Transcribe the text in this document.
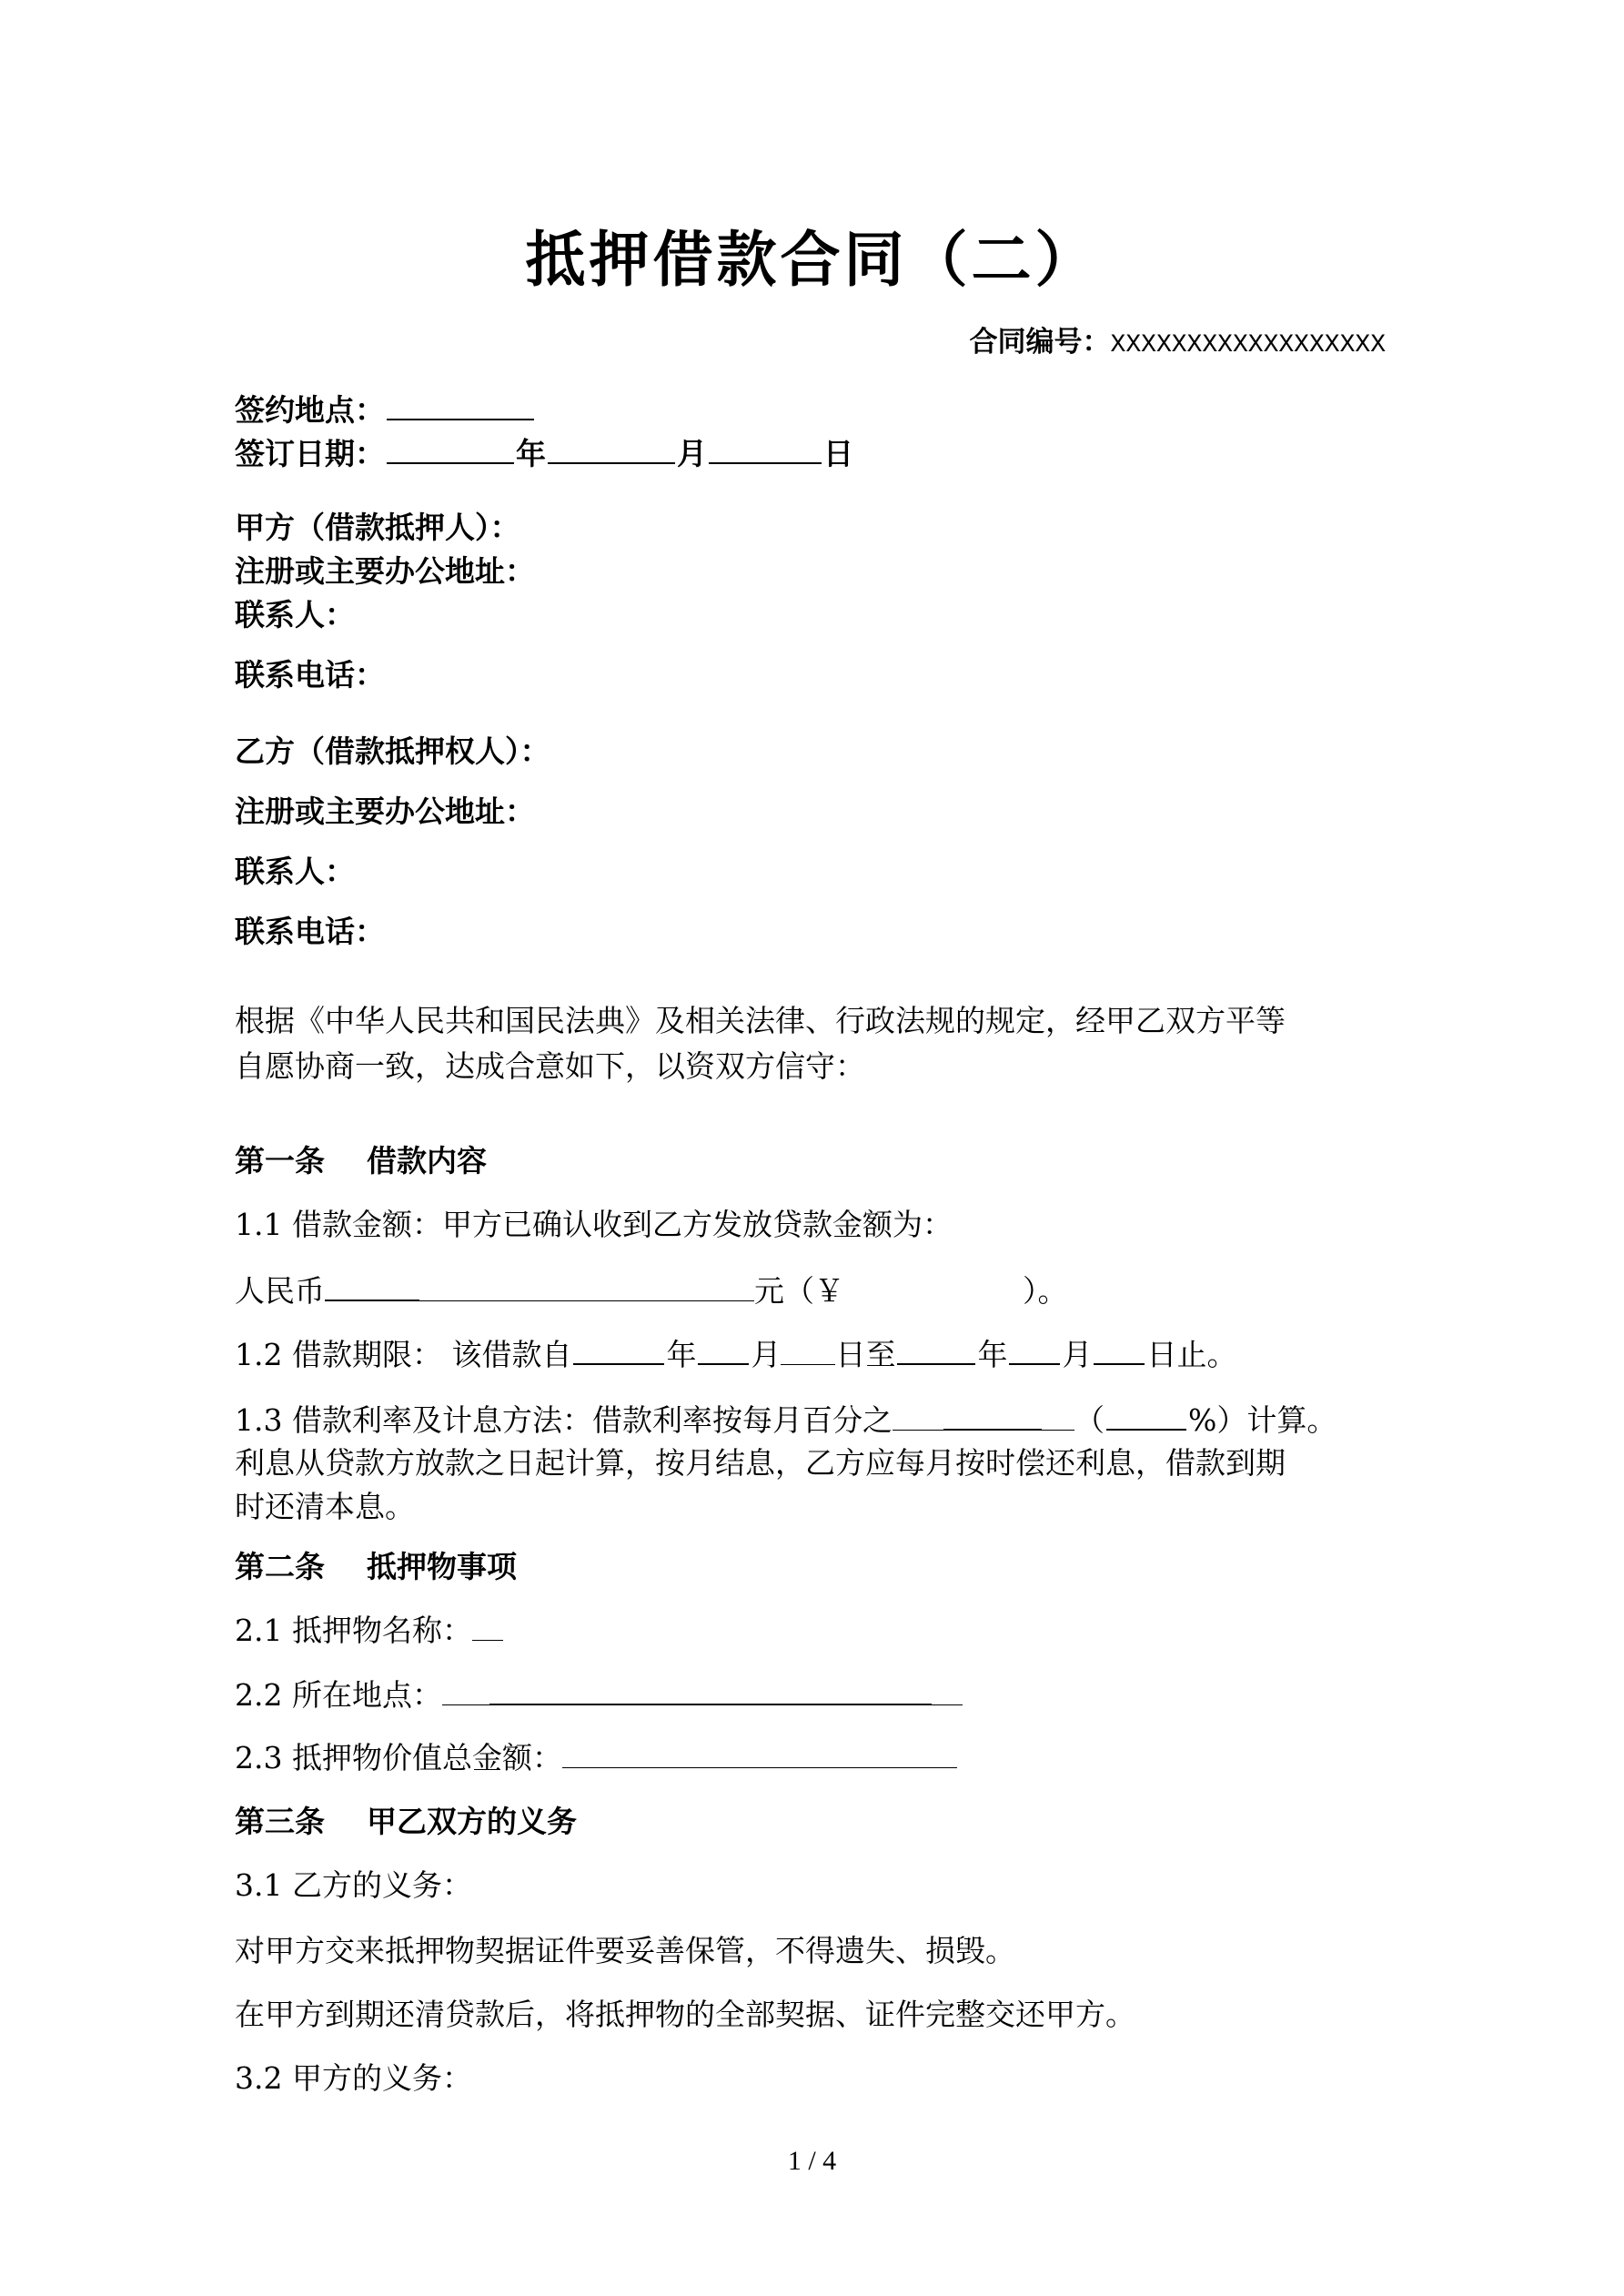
抵押借款合同（二）
合同编号：XXXXXXXXXXXXXXXXXX
签约地点：
签订日期：	年	月	日
甲方（借款抵押人）：
注册或主要办公地址：
联系人：
联系电话：
乙方（借款抵押权人）：
注册或主要办公地址：
联系人：
联系电话：
根据《中华人民共和国民法典》及相关法律、行政法规的规定，经甲乙双方平等
自愿协商一致，达成合意如下，以资双方信守：
第一条    借款内容
1.1 借款金额：甲方已确认收到乙方发放贷款金额为：
人民币	元（￥	）。
1.2 借款期限： 该借款自	年 月 日至	年 月 日止。
1.3 借款利率及计息方法：借款利率按每月百分之	（	%）计算。
利息从贷款方放款之日起计算，按月结息，乙方应每月按时偿还利息，借款到期
时还清本息。
第二条    抵押物事项
2.1 抵押物名称：
2.2 所在地点：
2.3 抵押物价值总金额：
第三条    甲乙双方的义务
3.1 乙方的义务：
对甲方交来抵押物契据证件要妥善保管，不得遗失、损毁。
在甲方到期还清贷款后，将抵押物的全部契据、证件完整交还甲方。
3.2 甲方的义务：
1 / 4
